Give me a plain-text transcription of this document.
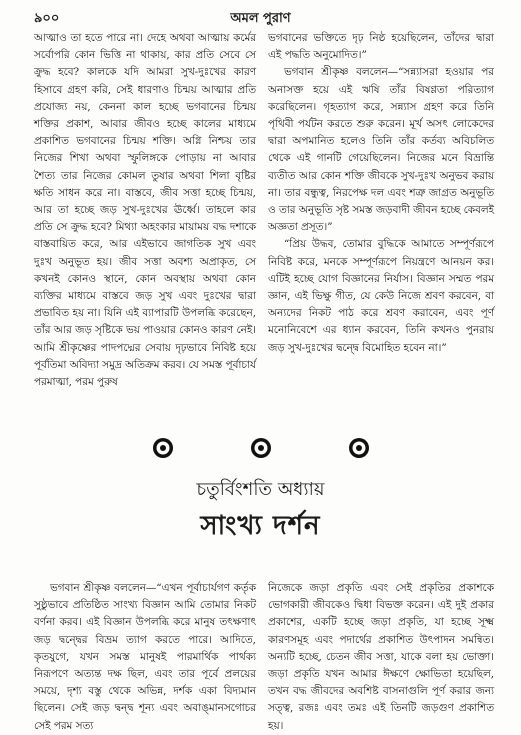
৯০০	অমল পুরাণ

আত্মাও তা হতে পারে না। দেহে অথবা আত্মায় কর্মের সর্বোপরি কোন ভিত্তি না থাকায়, কার প্রতি সেবে সে ক্রুদ্ধ হবে? কালকে যদি আমরা সুখ-দুঃখের কারণ হিসাবে গ্রহণ করি, সেই ধারণাও চিন্ময় আত্মার প্রতি প্রযোজ্য নয়, কেননা কাল হচ্ছে ভগবানের চিন্ময় শক্তির প্রকাশ, আবার জীবও হচ্ছে কালের মাধ্যমে প্রকাশিত ভগবানের চিন্ময় শক্তি। অগ্নি নিশ্চয় তার নিজের শিখা অথবা স্ফুলিঙ্গকে পোড়ায় না আবার শৈত্য তার নিজের কোমল তুষার অথবা শিলা বৃষ্টির ক্ষতি সাধন করে না। বাস্তবে, জীব সত্তা হচ্ছে চিন্ময়, আর তা হচ্ছে জড় সুখ-দুঃখের ঊর্ধ্বে। তাহলে কার প্রতি সে ক্রুদ্ধ হবে? মিথ্যা অহংকার মায়াময় বদ্ধ দশাকে বাস্তবায়িত করে, আর এইভাবে জাগতিক সুখ এবং দুঃখ অনুভূত হয়। জীব সত্তা অবশ্য অপ্রাকৃত, সে কখনই কোনও স্থানে, কোন অবস্থায় অথবা কোন ব্যক্তির মাধ্যমে বাস্তবে জড় সুখ এবং দুঃখের দ্বারা প্রভাবিত হয় না। যিনি এই ব্যাপারটি উপলব্ধি করেছেন, তাঁর আর জড় সৃষ্টিকে ভয় পাওয়ার কোনও কারণ নেই। আমি শ্রীকৃষ্ণের পাদপদ্মের সেবায় দৃঢ়ভাবে নিবিষ্ট হয়ে পূর্বতিমা অবিদ্যা সমুদ্র অতিক্রম করব। যে সমস্ত পূর্বাচার্য পরমাত্মা, পরম পুরুষ

ভগবানের ভক্তিতে দৃঢ় নিষ্ঠ হয়েছিলেন, তাঁদের দ্বারা এই পদ্ধতি অনুমোদিত।”

ভগবান শ্রীকৃষ্ণ বললেন—“সন্ন্যাসরা হওয়ার পর অনাসক্ত হয়ে এই ঋষি তাঁর বিষণ্ণতা পরিত্যাগ করেছিলেন। গৃহত্যাগ করে, সন্ন্যাস গ্রহণ করে তিনি পৃথিবী পর্যটন করতে শুরু করেন। মূর্খ অসৎ লোকেদের দ্বারা অপমানিত হলেও তিনি তাঁর কর্তব্য অবিচলিত থেকে এই গানটি গেয়েছিলেন। নিজের মনে বিভ্রান্তি ব্যতীত আর কোন শক্তি জীবকে সুখ-দুঃখ অনুভব করায় না। তার বন্ধুত্ব, নিরপেক্ষ দল এবং শত্রু জাগ্রত অনুভূতি ও তার অনুভূতি সৃষ্ট সমস্ত জড়বাদী জীবন হচ্ছে কেবলই অজ্ঞতা প্রসূত।”

“প্রিয় উদ্ধব, তোমার বুদ্ধিকে আমাতে সম্পূর্ণরূপে নিবিষ্ট করে, মনকে সম্পূর্ণরূপে নিয়ন্ত্রণে আনয়ন কর। এটিই হচ্ছে যোগ বিজ্ঞানের নির্যাস। বিজ্ঞান সম্মত পরম জ্ঞান, এই ভিক্ষু গীত, যে কেউ নিজে শ্রবণ করবেন, বা অন্যদের নিকট পাঠ করে শ্রবণ করাবেন, এবং পূর্ণ মনোনিবেশে এর ধ্যান করবেন, তিনি কখনও পুনরায় জড় সুখ-দুঃখের দ্বন্দ্বে বিমোহিত হবেন না।”

চতুর্বিংশতি অধ্যায়
সাংখ্য দর্শন

ভগবান শ্রীকৃষ্ণ বললেন—“এখন পূর্বাচার্যগণ কর্তৃক সুষ্ঠুভাবে প্রতিষ্ঠিত সাংখ্য বিজ্ঞান আমি তোমার নিকট বর্ণনা করব। এই বিজ্ঞান উপলব্ধি করে মানুষ তৎক্ষণাৎ জড় দ্বন্দ্বের বিভ্রম ত্যাগ করতে পারে। আদিতে, কৃতযুগে, যখন সমস্ত মানুষই পারমার্থিক পার্থক্য নিরূপণে অত্যন্ত দক্ষ ছিল, এবং তার পূর্বে প্রলয়ের সময়ে, দৃশ্য বস্তু থেকে অভিন্ন, দর্শক একা বিদ্যমান ছিলেন। সেই জড় দ্বন্দ্ব শূন্য এবং অবাঙ্‌মানসগোচর সেই পরম সত্য

নিজেকে জড়া প্রকৃতি এবং সেই প্রকৃতির প্রকাশকে ভোগকারী জীবকেও দ্বিধা বিভক্ত করেন। এই দুই প্রকার প্রকাশের, একটি হচ্ছে জড়া প্রকৃতি, যা হচ্ছে সূক্ষ্ম কারণসমূহ এবং পদার্থের প্রকাশিত উৎপাদন সমন্বিত। অন্যটি হচ্ছে, চেতন জীব সত্তা, যাকে বলা হয় ভোক্তা। জড়া প্রকৃতি যখন আমার ঈক্ষণে ক্ষোভিতা হয়েছিল, তখন বদ্ধ জীবদের অবশিষ্ট বাসনাগুলি পূর্ণ করার জন্য সত্ত্ব, রজঃ এবং তমঃ এই তিনটি জড়গুণ প্রকাশিত হয়।
